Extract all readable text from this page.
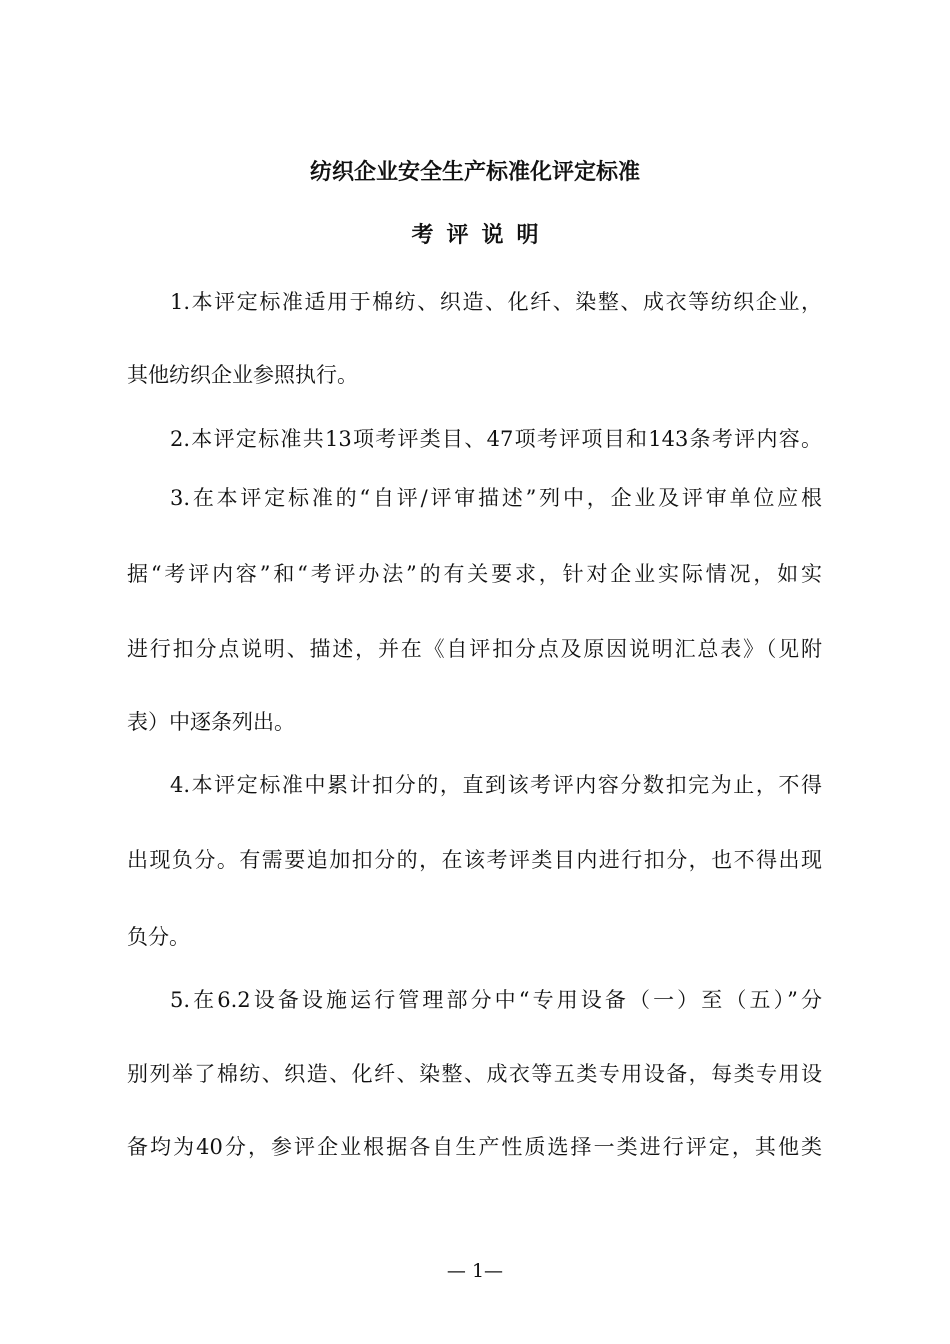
纺织企业安全生产标准化评定标准
考评说明
1.本评定标准适用于棉纺、织造、化纤、染整、成衣等纺织企业，
其他纺织企业参照执行。
2.本评定标准共13项考评类目、47项考评项目和143条考评内容。
3.在本评定标准的“自评/评审描述”列中，企业及评审单位应根
据“考评内容”和“考评办法”的有关要求，针对企业实际情况，如实
进行扣分点说明、描述，并在《自评扣分点及原因说明汇总表》（见附
表）中逐条列出。
4.本评定标准中累计扣分的，直到该考评内容分数扣完为止，不得
出现负分。有需要追加扣分的，在该考评类目内进行扣分，也不得出现
负分。
5.在6.2设备设施运行管理部分中“专用设备（一）至（五）”分
别列举了棉纺、织造、化纤、染整、成衣等五类专用设备，每类专用设
备均为40分，参评企业根据各自生产性质选择一类进行评定，其他类
— 1—
